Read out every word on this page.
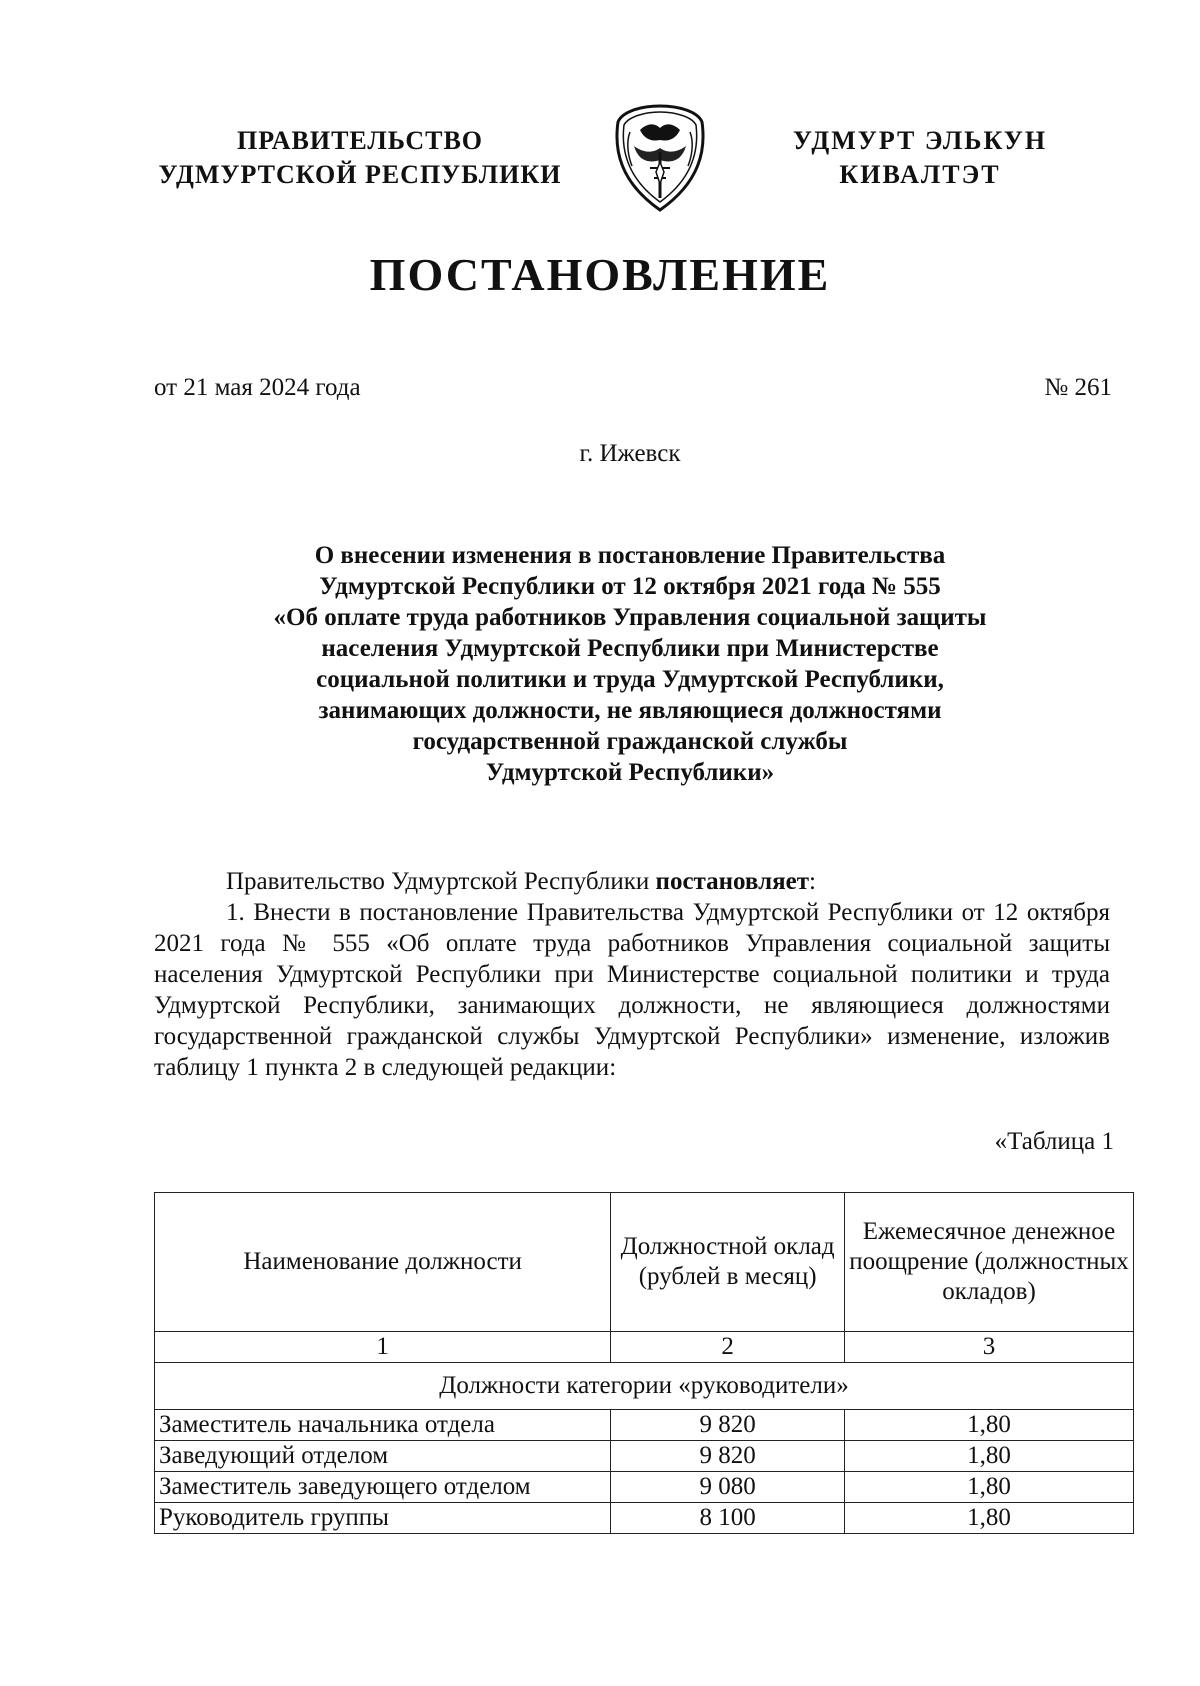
ПРАВИТЕЛЬСТВО
УДМУРТСКОЙ РЕСПУБЛИКИ
УДМУРТ ЭЛЬКУН
КИВАЛТЭТ
ПОСТАНОВЛЕНИЕ
от 21 мая 2024 года	№ 261
г. Ижевск
О внесении изменения в постановление Правительства
Удмуртской Республики от 12 октября 2021 года № 555
«Об оплате труда работников Управления социальной защиты
населения Удмуртской Республики при Министерстве
социальной политики и труда Удмуртской Республики,
занимающих должности, не являющиеся должностями
государственной гражданской службы
Удмуртской Республики»

Правительство Удмуртской Республики постановляет:

1. Внести в постановление Правительства Удмуртской Республики от 12 октября 2021 года № 555 «Об оплате труда работников Управления социальной защиты населения Удмуртской Республики при Министерстве социальной политики и труда Удмуртской Республики, занимающих должности, не являющиеся должностями государственной гражданской службы Удмуртской Республики» изменение, изложив таблицу 1 пункта 2 в следующей редакции:

«Таблица 1
Наименование должности	Должностной оклад (рублей в месяц)	Ежемесячное денежное поощрение (должностных окладов)
1	2	3
Должности категории «руководители»		
Заместитель начальника отдела	9 820	1,80
Заведующий отделом	9 820	1,80
Заместитель заведующего отделом	9 080	1,80
Руководитель группы	8 100	1,80
